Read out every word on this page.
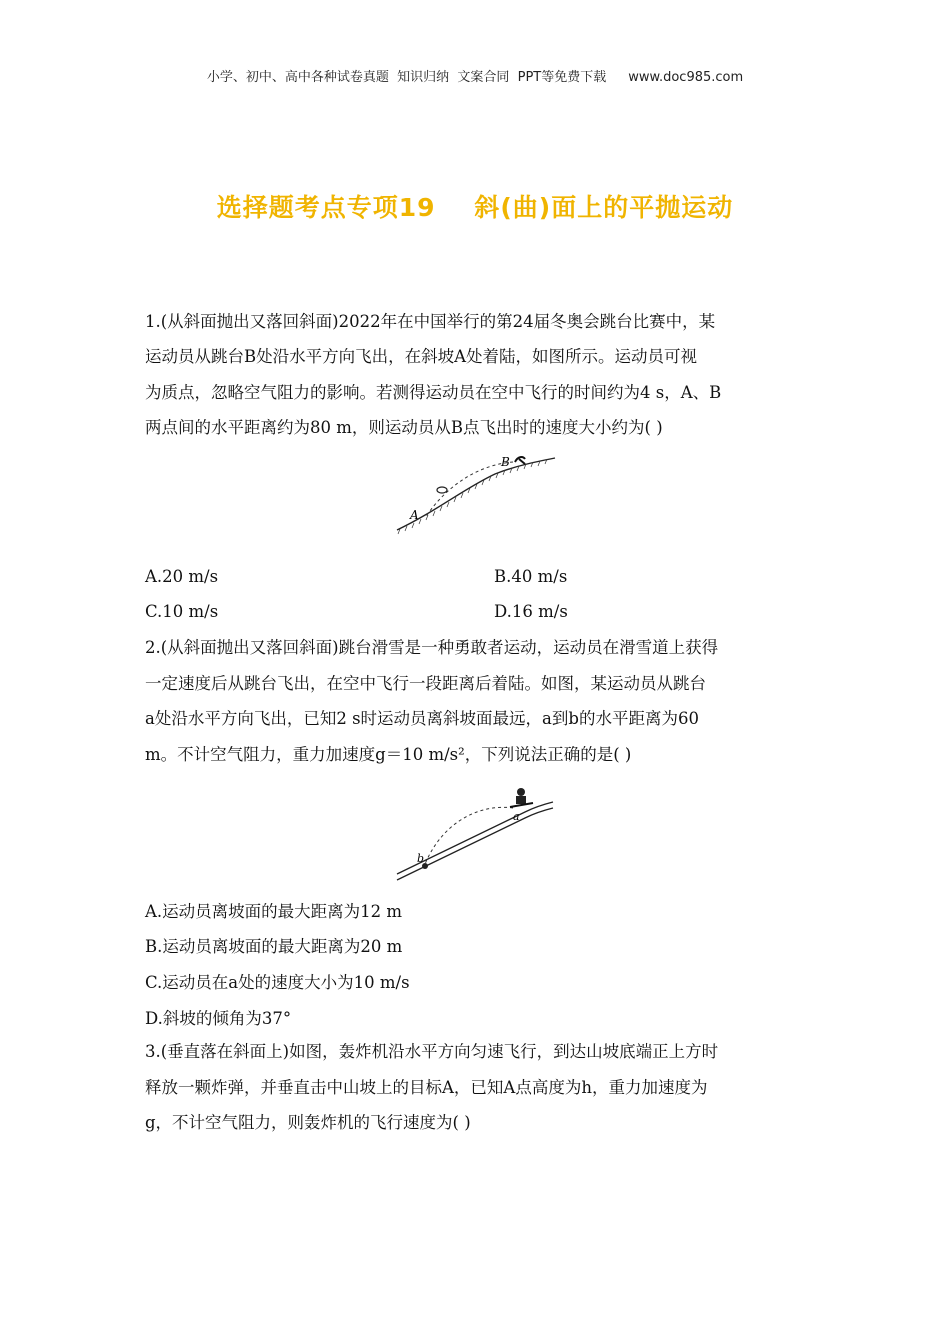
小学、初中、高中各种试卷真题  知识归纳  文案合同  PPT等免费下载 www.doc985.com
选择题考点专项19    斜(曲)面上的平抛运动
1.(从斜面抛出又落回斜面)2022年在中国举行的第24届冬奥会跳台比赛中，某
运动员从跳台B处沿水平方向飞出，在斜坡A处着陆，如图所示。运动员可视
为质点，忽略空气阻力的影响。若测得运动员在空中飞行的时间约为4 s，A、B
两点间的水平距离约为80 m，则运动员从B点飞出时的速度大小约为( )
B
A
A.20 m/s	B.40 m/s
C.10 m/s	D.16 m/s
2.(从斜面抛出又落回斜面)跳台滑雪是一种勇敢者运动，运动员在滑雪道上获得
一定速度后从跳台飞出，在空中飞行一段距离后着陆。如图，某运动员从跳台
a处沿水平方向飞出，已知2 s时运动员离斜坡面最远，a到b的水平距离为60
m。不计空气阻力，重力加速度g＝10 m/s²，下列说法正确的是( )
a
b
A.运动员离坡面的最大距离为12 m
B.运动员离坡面的最大距离为20 m
C.运动员在a处的速度大小为10 m/s
D.斜坡的倾角为37°
3.(垂直落在斜面上)如图，轰炸机沿水平方向匀速飞行，到达山坡底端正上方时
释放一颗炸弹，并垂直击中山坡上的目标A，已知A点高度为h，重力加速度为
g，不计空气阻力，则轰炸机的飞行速度为( )
